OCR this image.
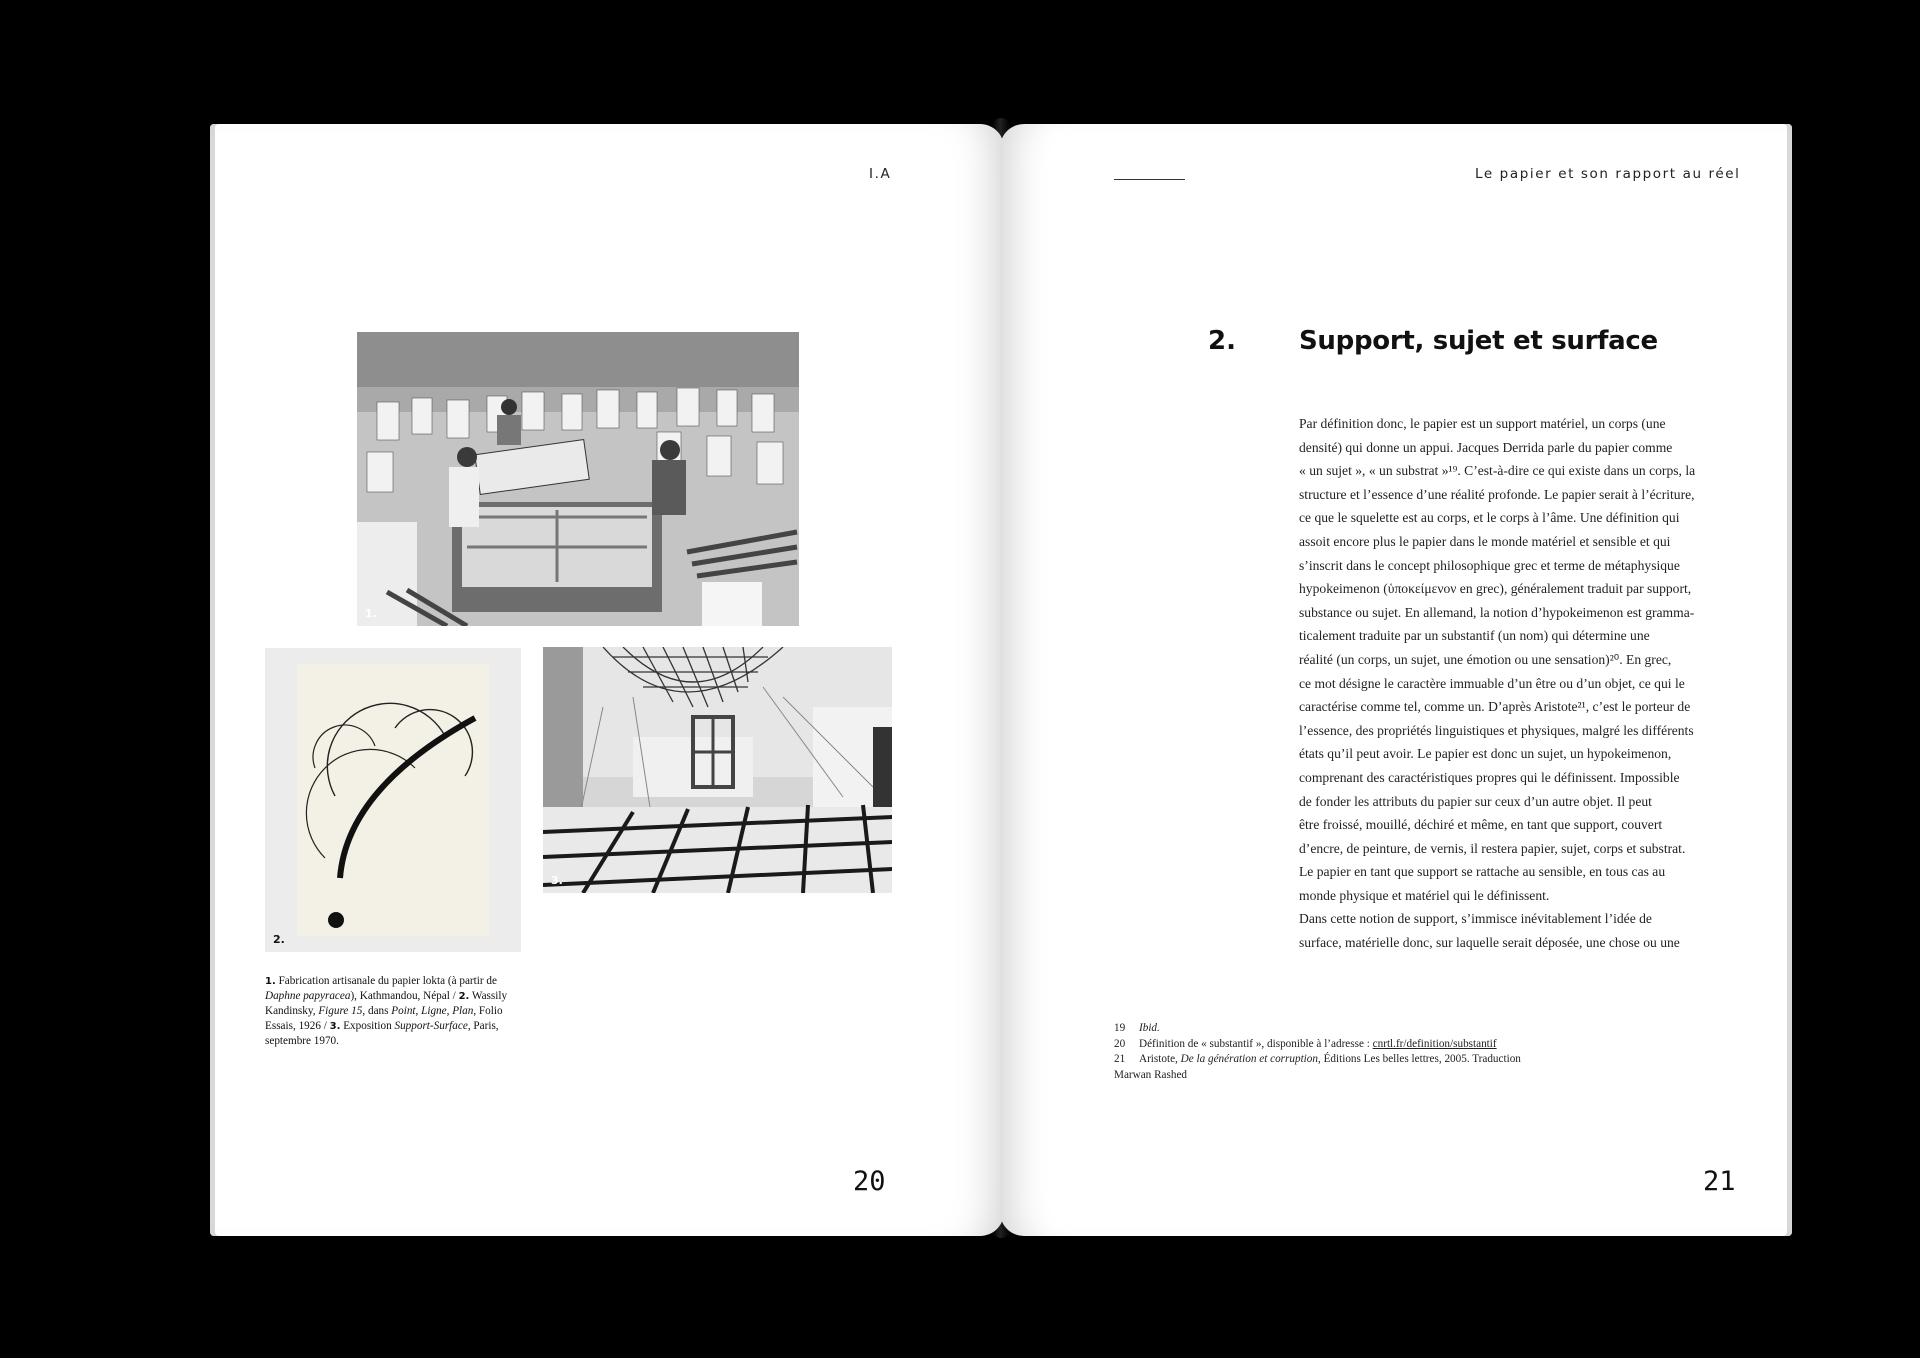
I.A
1.
2.
3.
1. Fabrication artisanale du papier lokta (à partir de Daphne papyracea), Kathmandou, Népal / 2. Wassily Kandinsky, Figure 15, dans Point, Ligne, Plan, Folio Essais, 1926 / 3. Exposition Support-Surface, Paris, septembre 1970.
20
Le papier et son rapport au réel
2. Support, sujet et surface
Par définition donc, le papier est un support matériel, un corps (une
densité) qui donne un appui. Jacques Derrida parle du papier comme
« un sujet », « un substrat »¹⁹. C’est-à-dire ce qui existe dans un corps, la
structure et l’essence d’une réalité profonde. Le papier serait à l’écriture,
ce que le squelette est au corps, et le corps à l’âme. Une définition qui
assoit encore plus le papier dans le monde matériel et sensible et qui
s’inscrit dans le concept philosophique grec et terme de métaphysique
hypokeimenon (ὑποκείμενον en grec), généralement traduit par support,
substance ou sujet. En allemand, la notion d’hypokeimenon est gramma-
ticalement traduite par un substantif (un nom) qui détermine une
réalité (un corps, un sujet, une émotion ou une sensation)²⁰. En grec,
ce mot désigne le caractère immuable d’un être ou d’un objet, ce qui le
caractérise comme tel, comme un. D’après Aristote²¹, c’est le porteur de
l’essence, des propriétés linguistiques et physiques, malgré les différents
états qu’il peut avoir. Le papier est donc un sujet, un hypokeimenon,
comprenant des caractéristiques propres qui le définissent. Impossible
de fonder les attributs du papier sur ceux d’un autre objet. Il peut
être froissé, mouillé, déchiré et même, en tant que support, couvert
d’encre, de peinture, de vernis, il restera papier, sujet, corps et substrat.
Le papier en tant que support se rattache au sensible, en tous cas au
monde physique et matériel qui le définissent.
Dans cette notion de support, s’immisce inévitablement l’idée de
surface, matérielle donc, sur laquelle serait déposée, une chose ou une
19	Ibid.
20	Définition de « substantif », disponible à l’adresse : cnrtl.fr/definition/substantif
21	Aristote, De la génération et corruption, Éditions Les belles lettres, 2005. Traduction
Marwan Rashed
21
